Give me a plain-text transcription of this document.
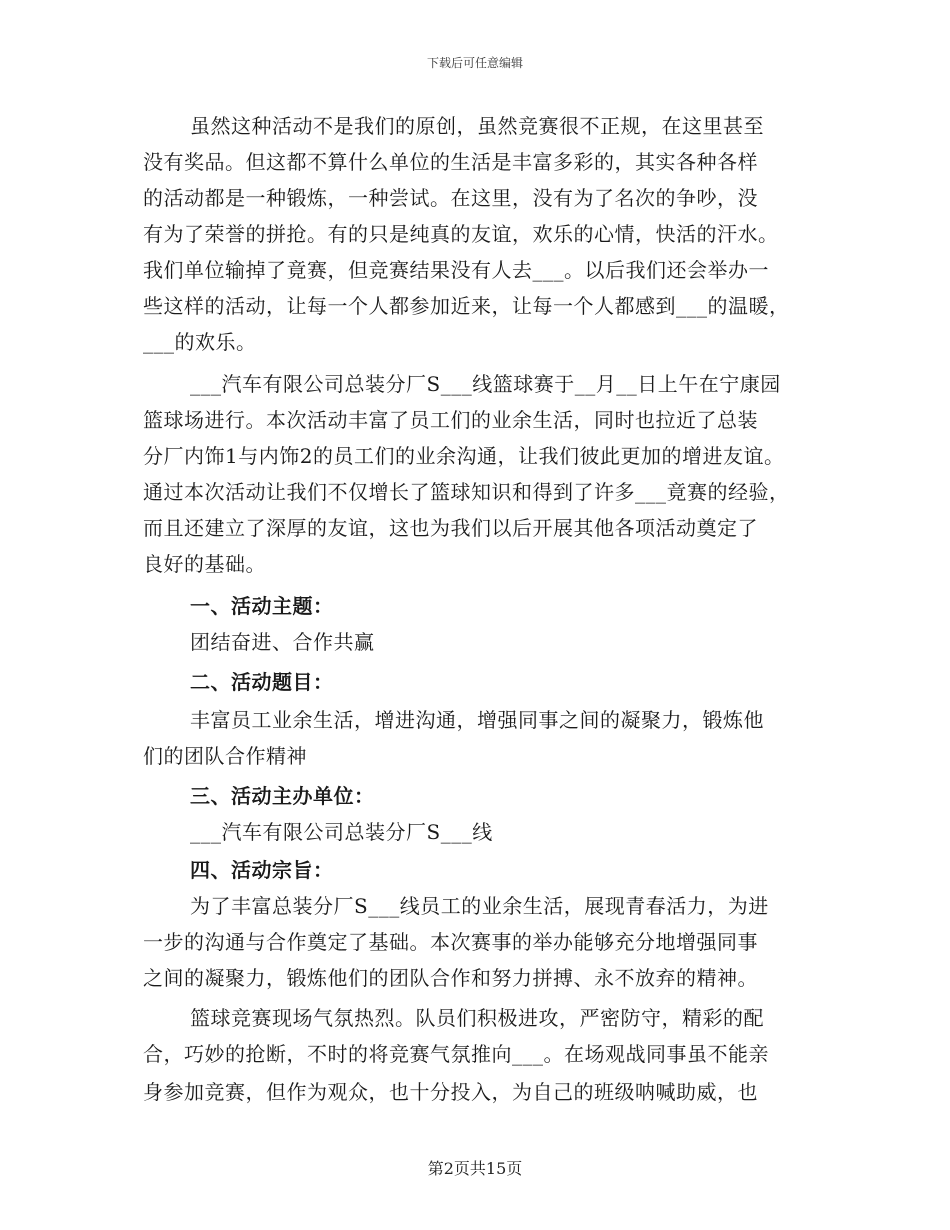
下载后可任意编辑
虽然这种活动不是我们的原创，虽然竞赛很不正规，在这里甚至
没有奖品。但这都不算什么单位的生活是丰富多彩的，其实各种各样
的活动都是一种锻炼，一种尝试。在这里，没有为了名次的争吵，没
有为了荣誉的拼抢。有的只是纯真的友谊，欢乐的心情，快活的汗水。
我们单位输掉了竟赛，但竞赛结果没有人去___。以后我们还会举办一
些这样的活动，让每一个人都参加近来，让每一个人都感到___的温暖，
___的欢乐。
___汽车有限公司总装分厂S___线篮球赛于__月__日上午在宁康园
篮球场进行。本次活动丰富了员工们的业余生活，同时也拉近了总装
分厂内饰1与内饰2的员工们的业余沟通，让我们彼此更加的增进友谊。
通过本次活动让我们不仅增长了篮球知识和得到了许多___竟赛的经验，
而且还建立了深厚的友谊，这也为我们以后开展其他各项活动奠定了
良好的基础。
一、活动主题：
团结奋进、合作共赢
二、活动题目：
丰富员工业余生活，增进沟通，增强同事之间的凝聚力，锻炼他
们的团队合作精神
三、活动主办单位：
___汽车有限公司总装分厂S___线
四、活动宗旨：
为了丰富总装分厂S___线员工的业余生活，展现青春活力，为进
一步的沟通与合作奠定了基础。本次赛事的举办能够充分地增强同事
之间的凝聚力，锻炼他们的团队合作和努力拼搏、永不放弃的精神。
篮球竞赛现场气氛热烈。队员们积极进攻，严密防守，精彩的配
合，巧妙的抢断，不时的将竞赛气氛推向___。在场观战同事虽不能亲
身参加竞赛，但作为观众，也十分投入，为自己的班级呐喊助威，也
第2页共15页
